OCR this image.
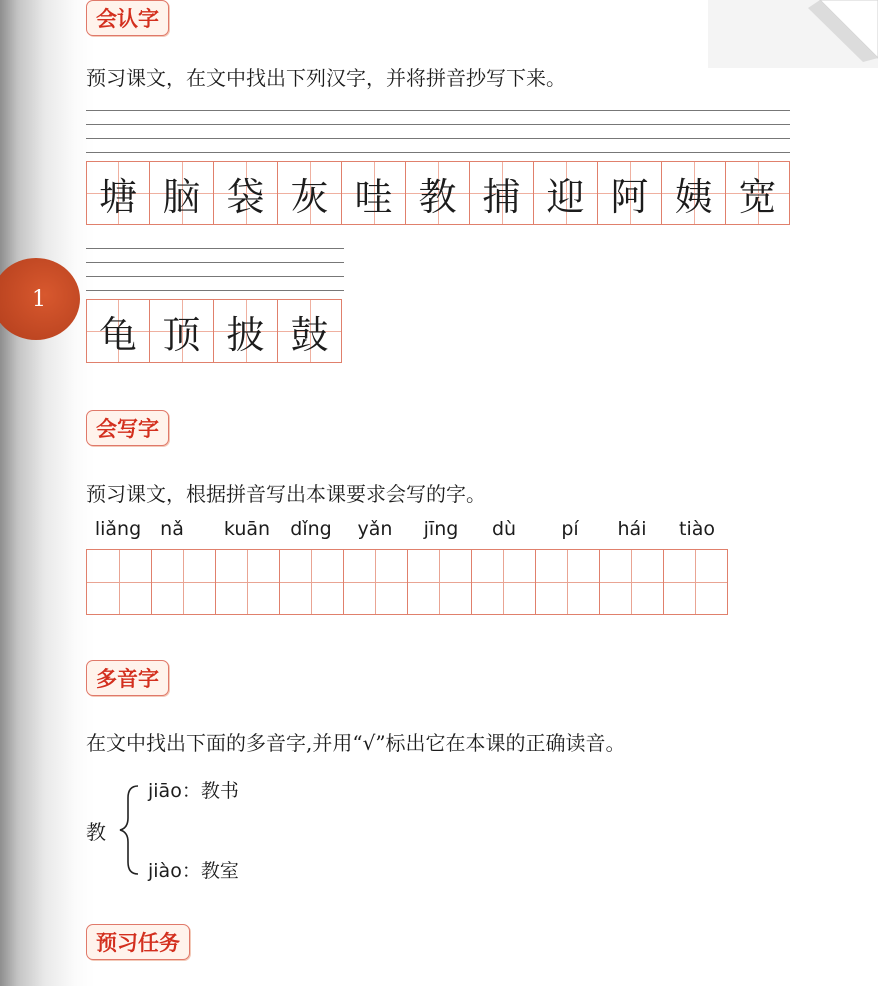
会认字
预习课文，在文中找出下列汉字，并将拼音抄写下来。
塘 脑 袋 灰 哇 教 捕 迎 阿 姨 宽
1
龟 顶 披 鼓
会写字
预习课文，根据拼音写出本课要求会写的字。
liǎng	nǎ	kuān dǐng	yǎn	jīng	dù	pí	hái	tiào
多音字
在文中找出下面的多音字,并用“√”标出它在本课的正确读音。
教
jiāo：教书
jiào：教室
预习任务
